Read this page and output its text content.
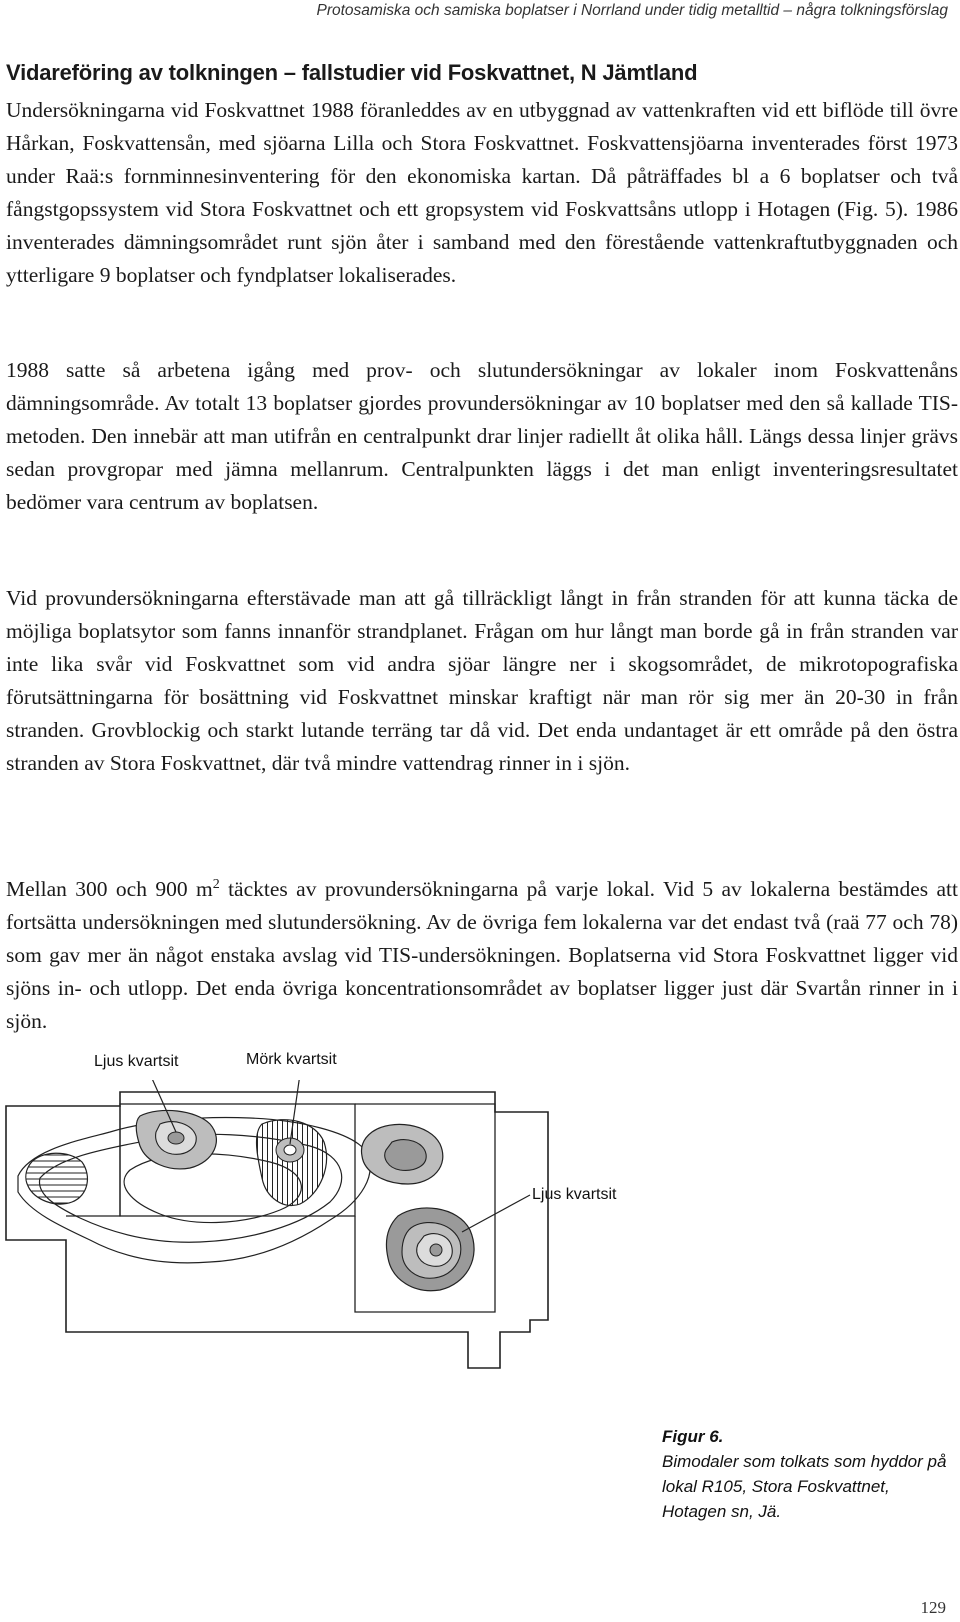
Protosamiska och samiska boplatser i Norrland under tidig metalltid – några tolkningsförslag
Vidareföring av tolkningen – fallstudier vid Foskvattnet, N Jämtland

Undersökningarna vid Foskvattnet 1988 föranleddes av en utbyggnad av vattenkraften vid ett biflöde till övre Hårkan, Foskvattensån, med sjöarna Lilla och Stora Foskvattnet. Foskvattensjöarna inventerades först 1973 under Raä:s fornminnesinventering för den ekonomiska kartan. Då påträffades bl a 6 boplatser och två fångstgopssystem vid Stora Foskvattnet och ett gropsystem vid Foskvattsåns utlopp i Hotagen (Fig. 5). 1986 inventerades dämningsområdet runt sjön åter i samband med den förestående vattenkraftutbyggnaden och ytterligare 9 boplatser och fyndplatser lokaliserades.

1988 satte så arbetena igång med prov- och slutundersökningar av lokaler inom Foskvattenåns dämningsområde. Av totalt 13 boplatser gjordes provundersökningar av 10 boplatser med den så kallade TIS-metoden. Den innebär att man utifrån en centralpunkt drar linjer radiellt åt olika håll. Längs dessa linjer grävs sedan provgropar med jämna mellanrum. Centralpunkten läggs i det man enligt inventeringsresultatet bedömer vara centrum av boplatsen.

Vid provundersökningarna efterstävade man att gå tillräckligt långt in från stranden för att kunna täcka de möjliga boplatsytor som fanns innanför strandplanet. Frågan om hur långt man borde gå in från stranden var inte lika svår vid Foskvattnet som vid andra sjöar längre ner i skogsområdet, de mikrotopografiska förutsättningarna för bosättning vid Foskvattnet minskar kraftigt när man rör sig mer än 20-30 in från stranden. Grovblockig och starkt lutande terräng tar då vid. Det enda undantaget är ett område på den östra stranden av Stora Foskvattnet, där två mindre vattendrag rinner in i sjön.

Mellan 300 och 900 $m^2$ täcktes av provundersökningarna på varje lokal. Vid 5 av lokalerna bestämdes att fortsätta undersökningen med slutundersökning. Av de övriga fem lokalerna var det endast två (raä 77 och 78) som gav mer än något enstaka avslag vid TIS-undersökningen. Boplatserna vid Stora Foskvattnet ligger vid sjöns in- och utlopp. Det enda övriga koncentrationsområdet av boplatser ligger just där Svartån rinner in i sjön.

Ljus kvartsit	Mörk kvartsit
Ljus kvartsit
Figur 6.
Bimodaler som tolkats som hyddor på lokal R105, Stora Foskvattnet, Hotagen sn, Jä.
129
